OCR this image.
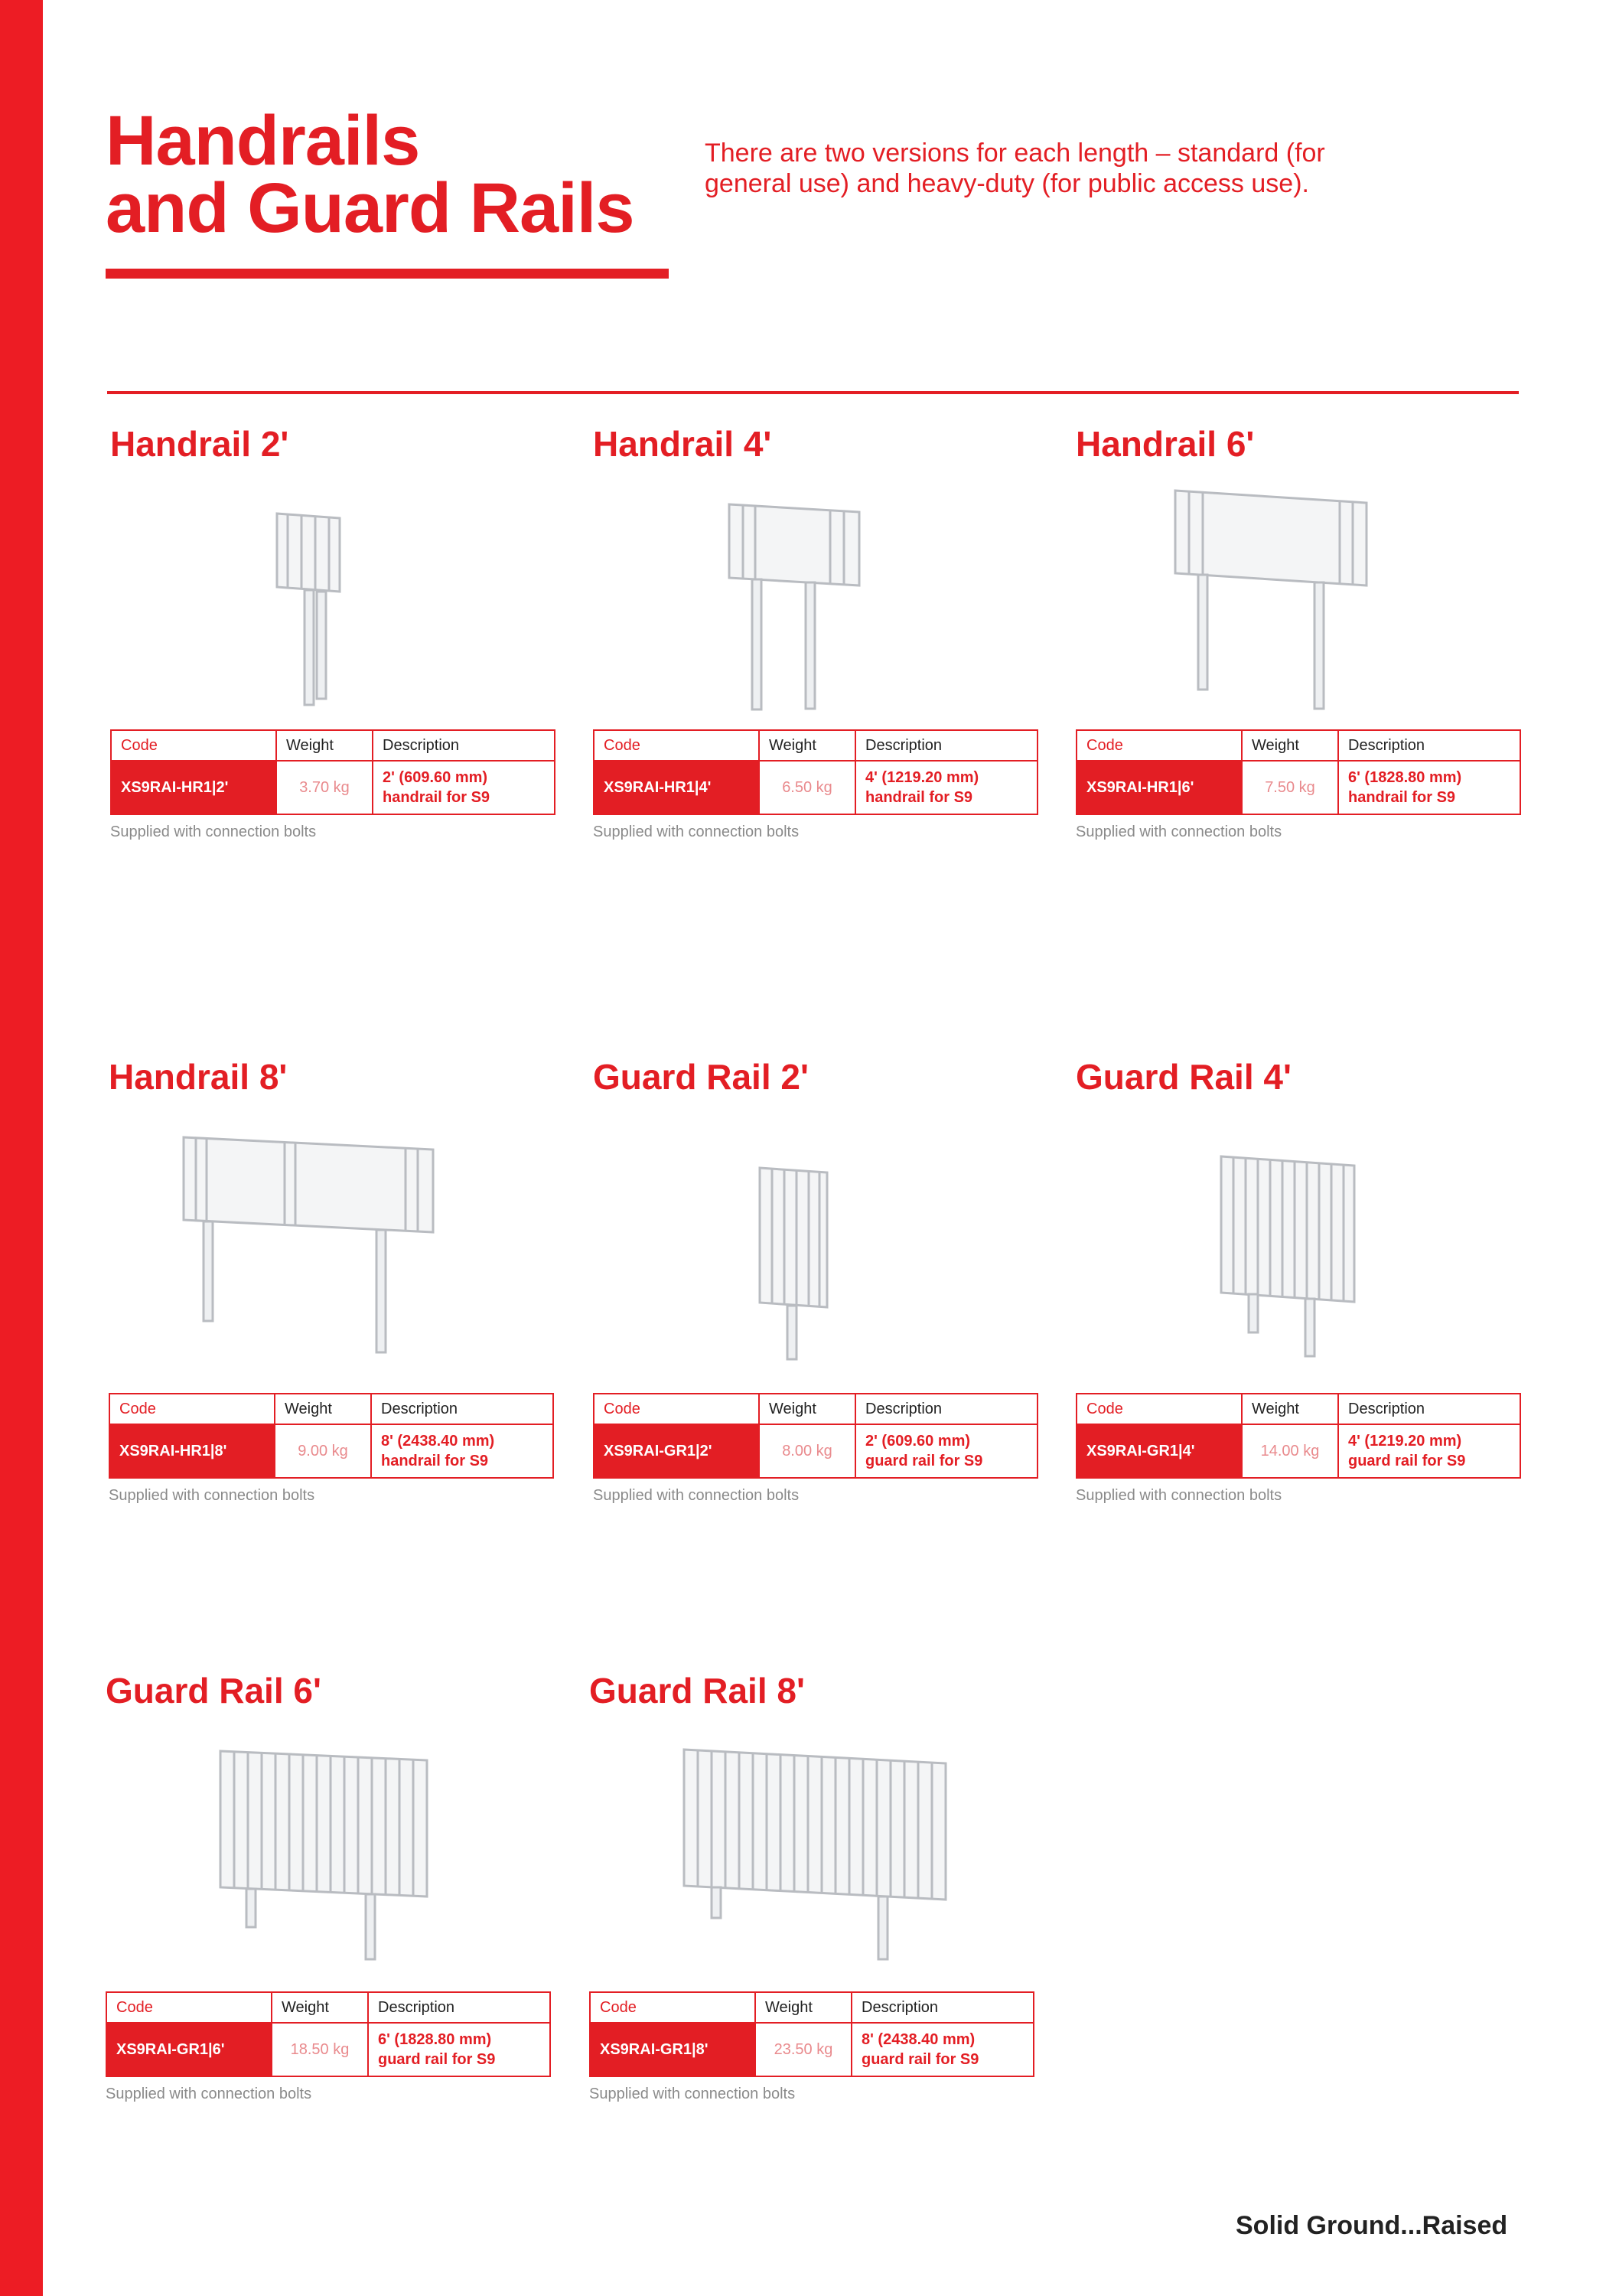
Handrails
and Guard Rails

There are two versions for each length – standard (for general use) and heavy-duty (for public access use).

Handrail 2'
Code	Weight	Description
XS9RAI-HR1|2'	3.70 kg	2' (609.60 mm)
handrail for S9
Supplied with connection bolts
Handrail 4'
Code	Weight	Description
XS9RAI-HR1|4'	6.50 kg	4' (1219.20 mm)
handrail for S9
Supplied with connection bolts
Handrail 6'
Code	Weight	Description
XS9RAI-HR1|6'	7.50 kg	6' (1828.80 mm)
handrail for S9
Supplied with connection bolts
Handrail 8'
Code	Weight	Description
XS9RAI-HR1|8'	9.00 kg	8' (2438.40 mm)
handrail for S9
Supplied with connection bolts
Guard Rail 2'
Code	Weight	Description
XS9RAI-GR1|2'	8.00 kg	2' (609.60 mm)
guard rail for S9
Supplied with connection bolts
Guard Rail 4'
Code	Weight	Description
XS9RAI-GR1|4'	14.00 kg	4' (1219.20 mm)
guard rail for S9
Supplied with connection bolts
Guard Rail 6'
Code	Weight	Description
XS9RAI-GR1|6'	18.50 kg	6' (1828.80 mm)
guard rail for S9
Supplied with connection bolts
Guard Rail 8'
Code	Weight	Description
XS9RAI-GR1|8'	23.50 kg	8' (2438.40 mm)
guard rail for S9
Supplied with connection bolts
Solid Ground...Raised
